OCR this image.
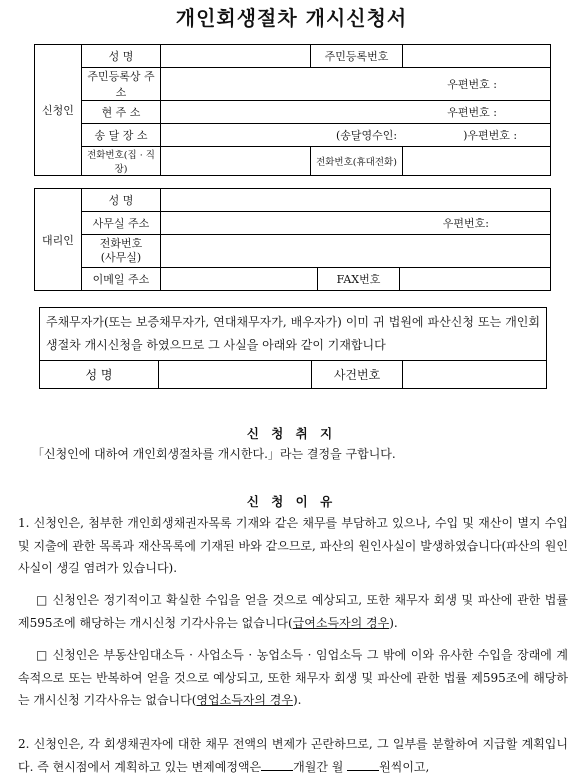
개인회생절차 개시신청서
신청인	성 명		주민등록번호	
	주민등록상 주소	우편번호 :		
	현 주 소	우편번호 :		
	송 달 장 소	(송달영수인: )우편번호 :		
	전화번호(집 · 직장)		전화번호(휴대전화)	
대리인	성 명			
	사무실 주소	우편번호:		
	전화번호
(사무실)			
	이메일 주소		FAX번호	
주채무자가(또는 보증채무자가, 연대채무자가, 배우자가) 이미 귀 법원에 파산신청 또는 개인회생절차 개시신청을 하였으므로 그 사실을 아래와 같이 기재합니다
성 명		사건번호	
신 청 취 지
「신청인에 대하여 개인회생절차를 개시한다.」라는 결정을 구합니다.
신 청 이 유
1. 신청인은, 첨부한 개인회생채권자목록 기재와 같은 채무를 부담하고 있으나, 수입 및 재산이 별지 수입 및 지출에 관한 목록과 재산목록에 기재된 바와 같으므로, 파산의 원인사실이 발생하였습니다(파산의 원인사실이 생길 염려가 있습니다).
□ 신청인은 정기적이고 확실한 수입을 얻을 것으로 예상되고, 또한 채무자 회생 및 파산에 관한 법률 제595조에 해당하는 개시신청 기각사유는 없습니다(급여소득자의 경우).
□ 신청인은 부동산임대소득 · 사업소득 · 농업소득 · 임업소득 그 밖에 이와 유사한 수입을 장래에 계속적으로 또는 반복하여 얻을 것으로 예상되고, 또한 채무자 회생 및 파산에 관한 법률 제595조에 해당하는 개시신청 기각사유는 없습니다(영업소득자의 경우).
2. 신청인은, 각 회생채권자에 대한 채무 전액의 변제가 곤란하므로, 그 일부를 분할하여 지급할 계획입니다. 즉 현시점에서 계획하고 있는 변제예정액은	개월간 월	원씩이고,
